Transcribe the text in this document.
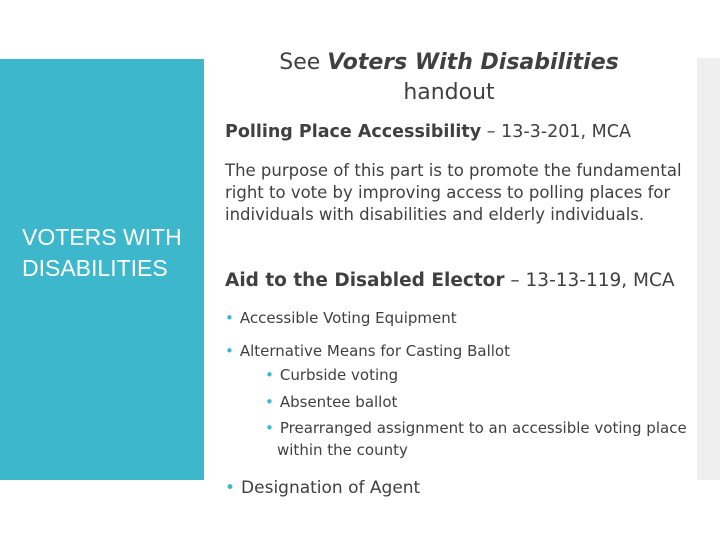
VOTERS WITH DISABILITIES
See Voters With Disabilities
handout
Polling Place Accessibility – 13-3-201, MCA
The purpose of this part is to promote the fundamental right to vote by improving access to polling places for individuals with disabilities and elderly individuals.
Aid to the Disabled Elector – 13-13-119, MCA
• Accessible Voting Equipment
• Alternative Means for Casting Ballot
• Curbside voting
• Absentee ballot
• Prearranged assignment to an accessible voting place within the county
• Designation of Agent
